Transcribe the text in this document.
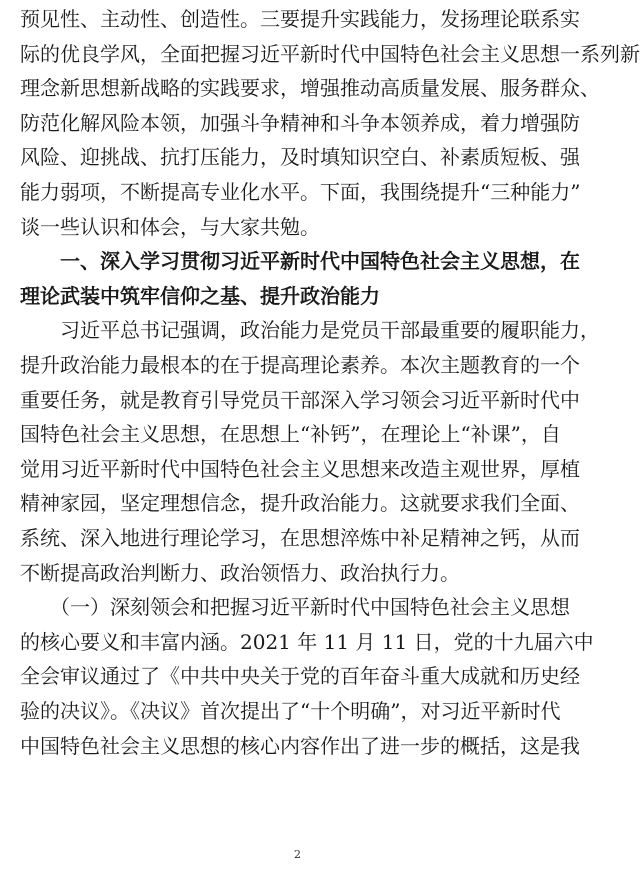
预见性、主动性、创造性。三要提升实践能力，发扬理论联系实
际的优良学风，全面把握习近平新时代中国特色社会主义思想一系列新
理念新思想新战略的实践要求，增强推动高质量发展、服务群众、
防范化解风险本领，加强斗争精神和斗争本领养成，着力增强防
风险、迎挑战、抗打压能力，及时填知识空白、补素质短板、强
能力弱项，不断提高专业化水平。下面，我围绕提升“三种能力”
谈一些认识和体会，与大家共勉。
　　一、深入学习贯彻习近平新时代中国特色社会主义思想，在
理论武装中筑牢信仰之基、提升政治能力
　　习近平总书记强调，政治能力是党员干部最重要的履职能力，
提升政治能力最根本的在于提高理论素养。本次主题教育的一个
重要任务，就是教育引导党员干部深入学习领会习近平新时代中
国特色社会主义思想，在思想上“补钙”，在理论上“补课”，自
觉用习近平新时代中国特色社会主义思想来改造主观世界，厚植
精神家园，坚定理想信念，提升政治能力。这就要求我们全面、
系统、深入地进行理论学习，在思想淬炼中补足精神之钙，从而
不断提高政治判断力、政治领悟力、政治执行力。
　　（一）深刻领会和把握习近平新时代中国特色社会主义思想
的核心要义和丰富内涵。2021 年 11 月 11 日，党的十九届六中
全会审议通过了《中共中央关于党的百年奋斗重大成就和历史经
验的决议》。《决议》首次提出了“十个明确”，对习近平新时代
中国特色社会主义思想的核心内容作出了进一步的概括，这是我
2
